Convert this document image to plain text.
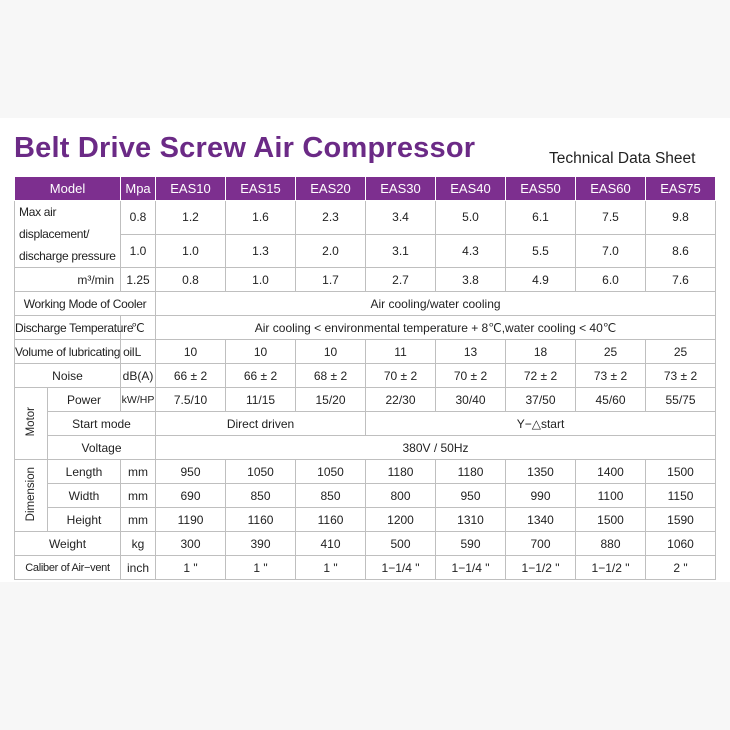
Belt Drive Screw Air Compressor	Technical Data Sheet
Model		Mpa	EAS10	EAS15	EAS20	EAS30	EAS40	EAS50	EAS60	EAS75

Max air displacement/
discharge pressure		0.8	1.2	1.6	2.3	3.4	5.0	6.1	7.5	9.8
		1.0	1.0	1.3	2.0	3.1	4.3	5.5	7.0	8.6
m³/min		1.25	0.8	1.0	1.7	2.7	3.8	4.9	6.0	7.6
Working Mode of Cooler			Air cooling/water cooling							
Discharge Temperature		℃	Air cooling < environmental temperature + 8℃,water cooling < 40℃							
Volume of lubricating oil		L	10	10	10	11	13	18	25	25
Noise		dB(A)	66 ± 2	66 ± 2	68 ± 2	70 ± 2	70 ± 2	72 ± 2	73 ± 2	73 ± 2
Motor	Power	kW/HP	7.5/10	11/15	15/20	22/30	30/40	37/50	45/60	55/75
	Start mode		Direct driven			Y−△start				
	Voltage		380V / 50Hz							
Dimension	Length	mm	950	1050	1050	1180	1180	1350	1400	1500
	Width	mm	690	850	850	800	950	990	1100	1150
	Height	mm	1190	1160	1160	1200	1310	1340	1500	1590
Weight		kg	300	390	410	500	590	700	880	1060
Caliber of Air−vent		inch	1 "	1 "	1 "	1−1/4 "	1−1/4 "	1−1/2 "	1−1/2 "	2 "
